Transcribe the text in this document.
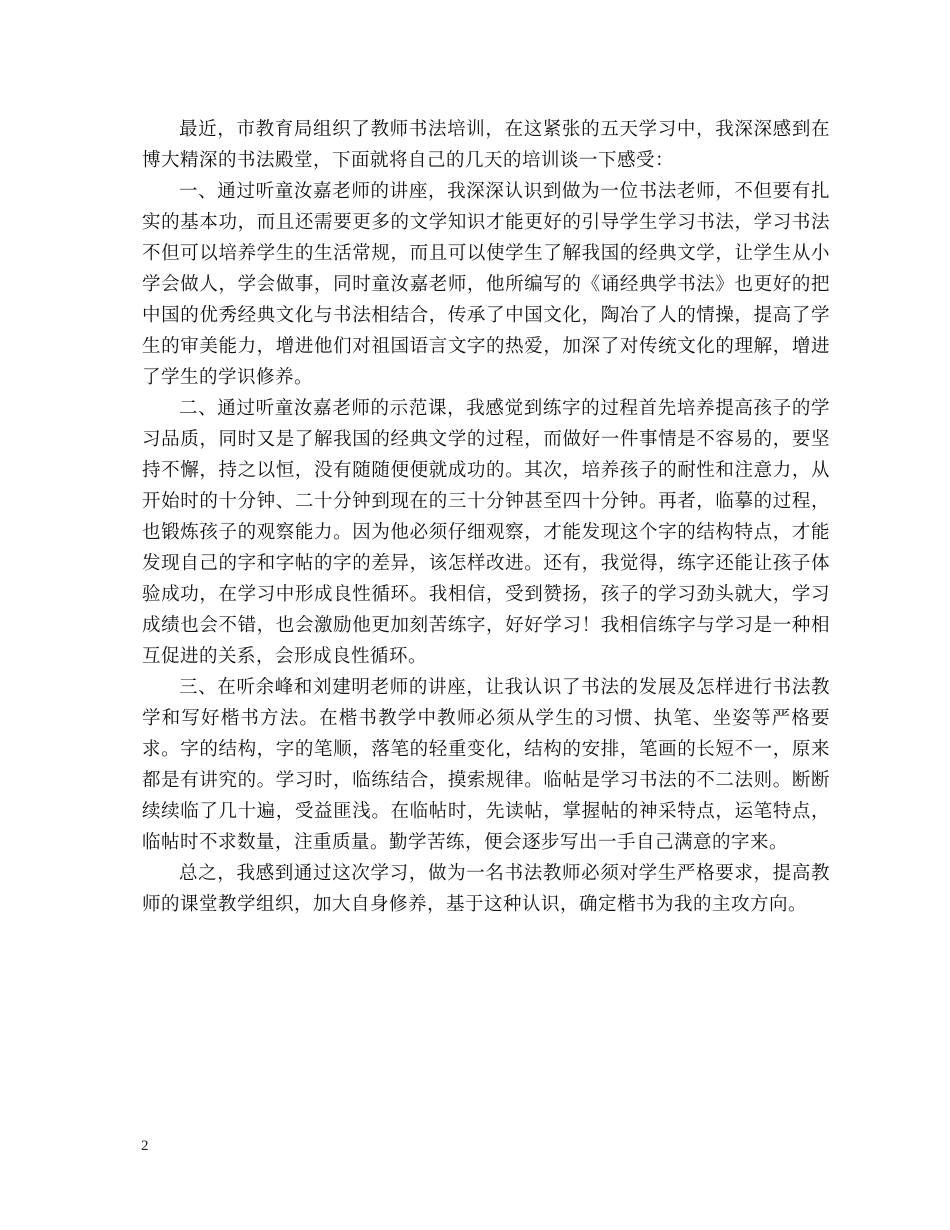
最近，市教育局组织了教师书法培训，在这紧张的五天学习中，我深深感到在博大精深的书法殿堂，下面就将自己的几天的培训谈一下感受：

一、通过听童汝嘉老师的讲座，我深深认识到做为一位书法老师，不但要有扎实的基本功，而且还需要更多的文学知识才能更好的引导学生学习书法，学习书法不但可以培养学生的生活常规，而且可以使学生了解我国的经典文学，让学生从小学会做人，学会做事，同时童汝嘉老师，他所编写的《诵经典学书法》也更好的把中国的优秀经典文化与书法相结合，传承了中国文化，陶冶了人的情操，提高了学生的审美能力，增进他们对祖国语言文字的热爱，加深了对传统文化的理解，增进了学生的学识修养。

二、通过听童汝嘉老师的示范课，我感觉到练字的过程首先培养提高孩子的学习品质，同时又是了解我国的经典文学的过程，而做好一件事情是不容易的，要坚持不懈，持之以恒，没有随随便便就成功的。其次，培养孩子的耐性和注意力，从开始时的十分钟、二十分钟到现在的三十分钟甚至四十分钟。再者，临摹的过程，也锻炼孩子的观察能力。因为他必须仔细观察，才能发现这个字的结构特点，才能发现自己的字和字帖的字的差异，该怎样改进。还有，我觉得，练字还能让孩子体验成功，在学习中形成良性循环。我相信，受到赞扬，孩子的学习劲头就大，学习成绩也会不错，也会激励他更加刻苦练字，好好学习！我相信练字与学习是一种相互促进的关系，会形成良性循环。

三、在听余峰和刘建明老师的讲座，让我认识了书法的发展及怎样进行书法教学和写好楷书方法。在楷书教学中教师必须从学生的习惯、执笔、坐姿等严格要求。字的结构，字的笔顺，落笔的轻重变化，结构的安排，笔画的长短不一，原来都是有讲究的。学习时，临练结合，摸索规律。临帖是学习书法的不二法则。断断续续临了几十遍，受益匪浅。在临帖时，先读帖，掌握帖的神采特点，运笔特点，临帖时不求数量，注重质量。勤学苦练，便会逐步写出一手自己满意的字来。

总之，我感到通过这次学习，做为一名书法教师必须对学生严格要求，提高教师的课堂教学组织，加大自身修养，基于这种认识，确定楷书为我的主攻方向。

2
